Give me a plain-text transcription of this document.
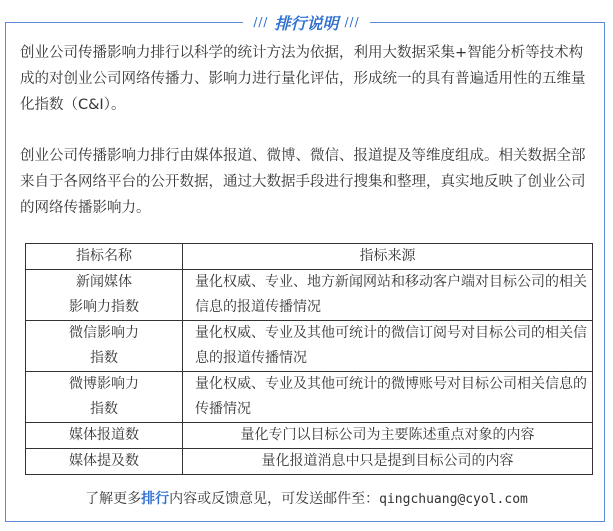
/// 排行说明 ///

创业公司传播影响力排行以科学的统计方法为依据，利用大数据采集+智能分析等技术构成的对创业公司网络传播力、影响力进行量化评估，形成统一的具有普遍适用性的五维量化指数（C&I）。

创业公司传播影响力排行由媒体报道、微博、微信、报道提及等维度组成。相关数据全部来自于各网络平台的公开数据，通过大数据手段进行搜集和整理，真实地反映了创业公司的网络传播影响力。

指标名称	指标来源
新闻媒体
影响力指数	量化权威、专业、地方新闻网站和移动客户端对目标公司的相关信息的报道传播情况
微信影响力
指数	量化权威、专业及其他可统计的微信订阅号对目标公司的相关信息的报道传播情况
微博影响力
指数	量化权威、专业及其他可统计的微博账号对目标公司相关信息的传播情况
媒体报道数	量化专门以目标公司为主要陈述重点对象的内容
媒体提及数	量化报道消息中只是提到目标公司的内容
了解更多排行内容或反馈意见，可发送邮件至：qingchuang@cyol.com
